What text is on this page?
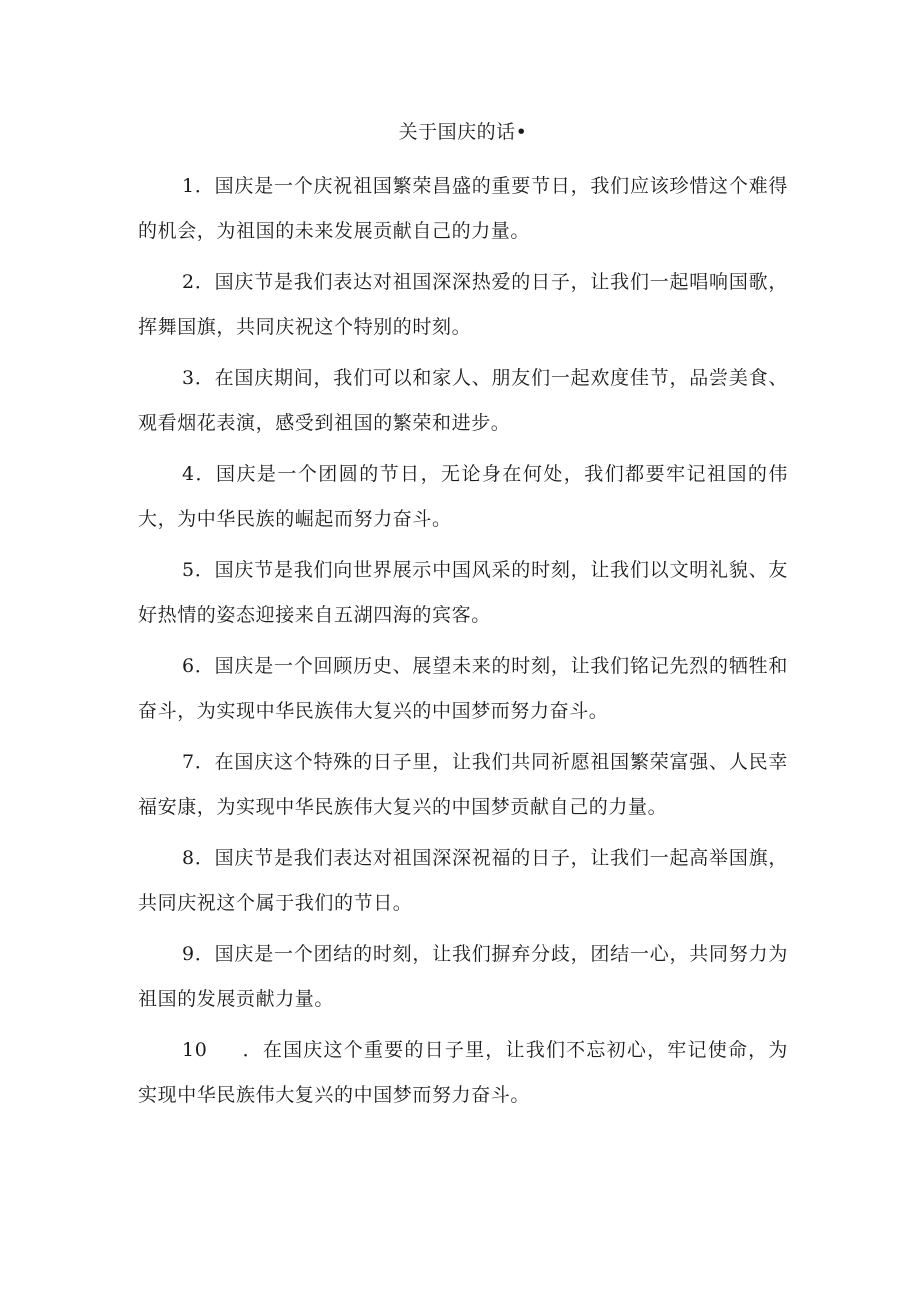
关于国庆的话•

1．国庆是一个庆祝祖国繁荣昌盛的重要节日，我们应该珍惜这个难得的机会，为祖国的未来发展贡献自己的力量。

2．国庆节是我们表达对祖国深深热爱的日子，让我们一起唱响国歌，挥舞国旗，共同庆祝这个特别的时刻。

3．在国庆期间，我们可以和家人、朋友们一起欢度佳节，品尝美食、观看烟花表演，感受到祖国的繁荣和进步。

4．国庆是一个团圆的节日，无论身在何处，我们都要牢记祖国的伟大，为中华民族的崛起而努力奋斗。

5．国庆节是我们向世界展示中国风采的时刻，让我们以文明礼貌、友好热情的姿态迎接来自五湖四海的宾客。

6．国庆是一个回顾历史、展望未来的时刻，让我们铭记先烈的牺牲和奋斗，为实现中华民族伟大复兴的中国梦而努力奋斗。

7．在国庆这个特殊的日子里，让我们共同祈愿祖国繁荣富强、人民幸福安康，为实现中华民族伟大复兴的中国梦贡献自己的力量。

8．国庆节是我们表达对祖国深深祝福的日子，让我们一起高举国旗，共同庆祝这个属于我们的节日。

9．国庆是一个团结的时刻，让我们摒弃分歧，团结一心，共同努力为祖国的发展贡献力量。

10 ．在国庆这个重要的日子里，让我们不忘初心，牢记使命，为实现中华民族伟大复兴的中国梦而努力奋斗。
